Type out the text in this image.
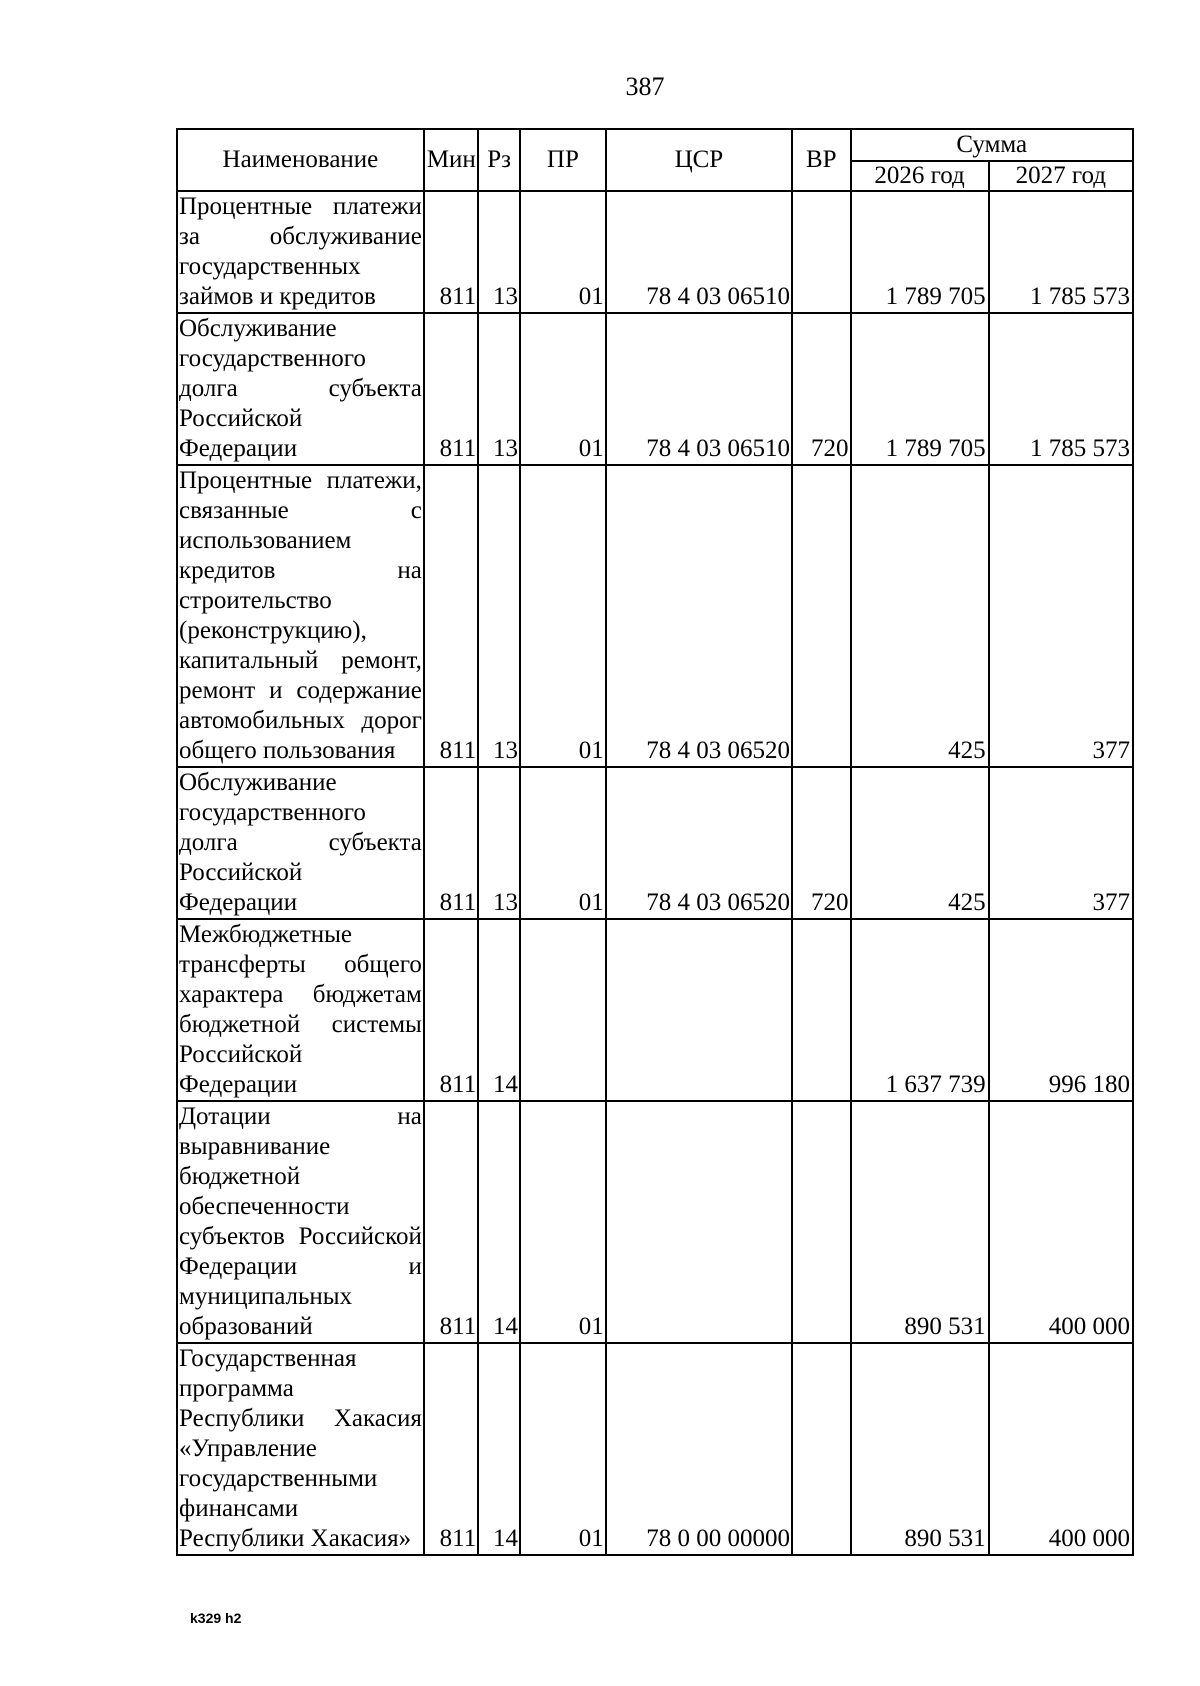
387
Наименование	Мин	Рз	ПР	ЦСР	ВР	Сумма	
						2026 год	2027 год
Процентные платежи за обслуживание государственных займов и кредитов	811	13	01	78 4 03 06510		1 789 705	1 785 573
Обслуживание государственного долга субъекта Российской Федерации	811	13	01	78 4 03 06510	720	1 789 705	1 785 573
Процентные платежи, связанные с использованием кредитов на строительство (реконструкцию), капитальный ремонт, ремонт и содержание автомобильных дорог общего пользования	811	13	01	78 4 03 06520		425	377
Обслуживание государственного долга субъекта Российской Федерации	811	13	01	78 4 03 06520	720	425	377
Межбюджетные трансферты общего характера бюджетам бюджетной системы Российской Федерации	811	14				1 637 739	996 180
Дотации на выравнивание бюджетной обеспеченности субъектов Российской Федерации и муниципальных образований	811	14	01			890 531	400 000
Государственная программа Республики Хакасия «Управление государственными финансами Республики Хакасия»	811	14	01	78 0 00 00000		890 531	400 000
k329 h2
